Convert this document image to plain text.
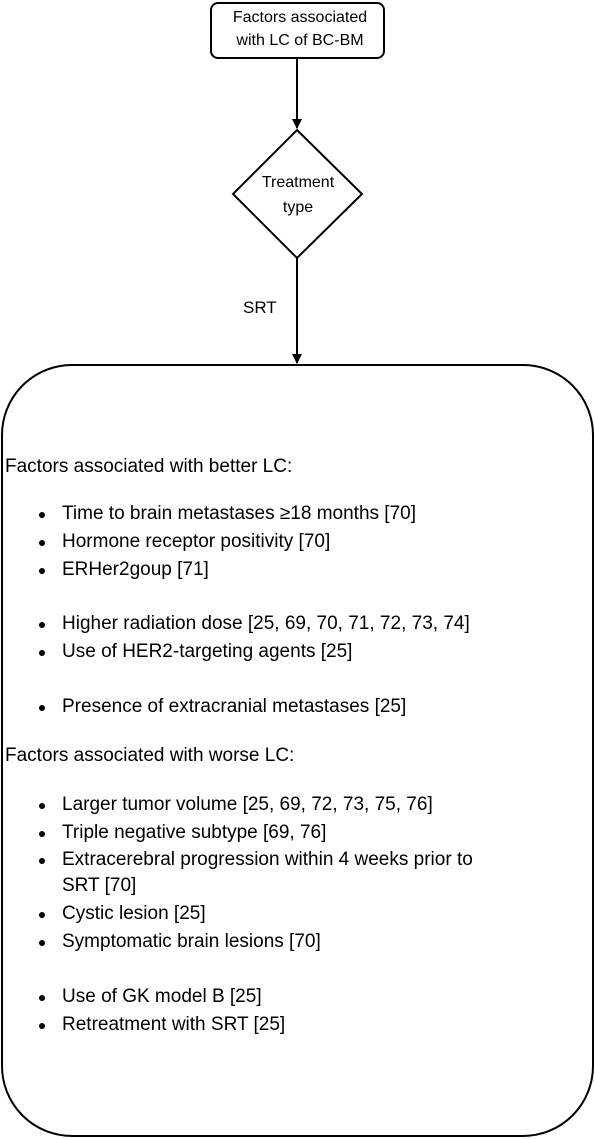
Factors associated

with LC of BC-BM

Treatment

type

SRT

Factors associated with better LC:

Time to brain metastases ≥18 months [70]
Hormone receptor positivity [70]
ERHer2goup [71]
Higher radiation dose [25, 69, 70, 71, 72, 73, 74]
Use of HER2-targeting agents [25]
Presence of extracranial metastases [25]

Factors associated with worse LC:

Larger tumor volume [25, 69, 72, 73, 75, 76]
Triple negative subtype [69, 76]
Extracerebral progression within 4 weeks prior to
SRT [70]
Cystic lesion [25]
Symptomatic brain lesions [70]
Use of GK model B [25]
Retreatment with SRT [25]
